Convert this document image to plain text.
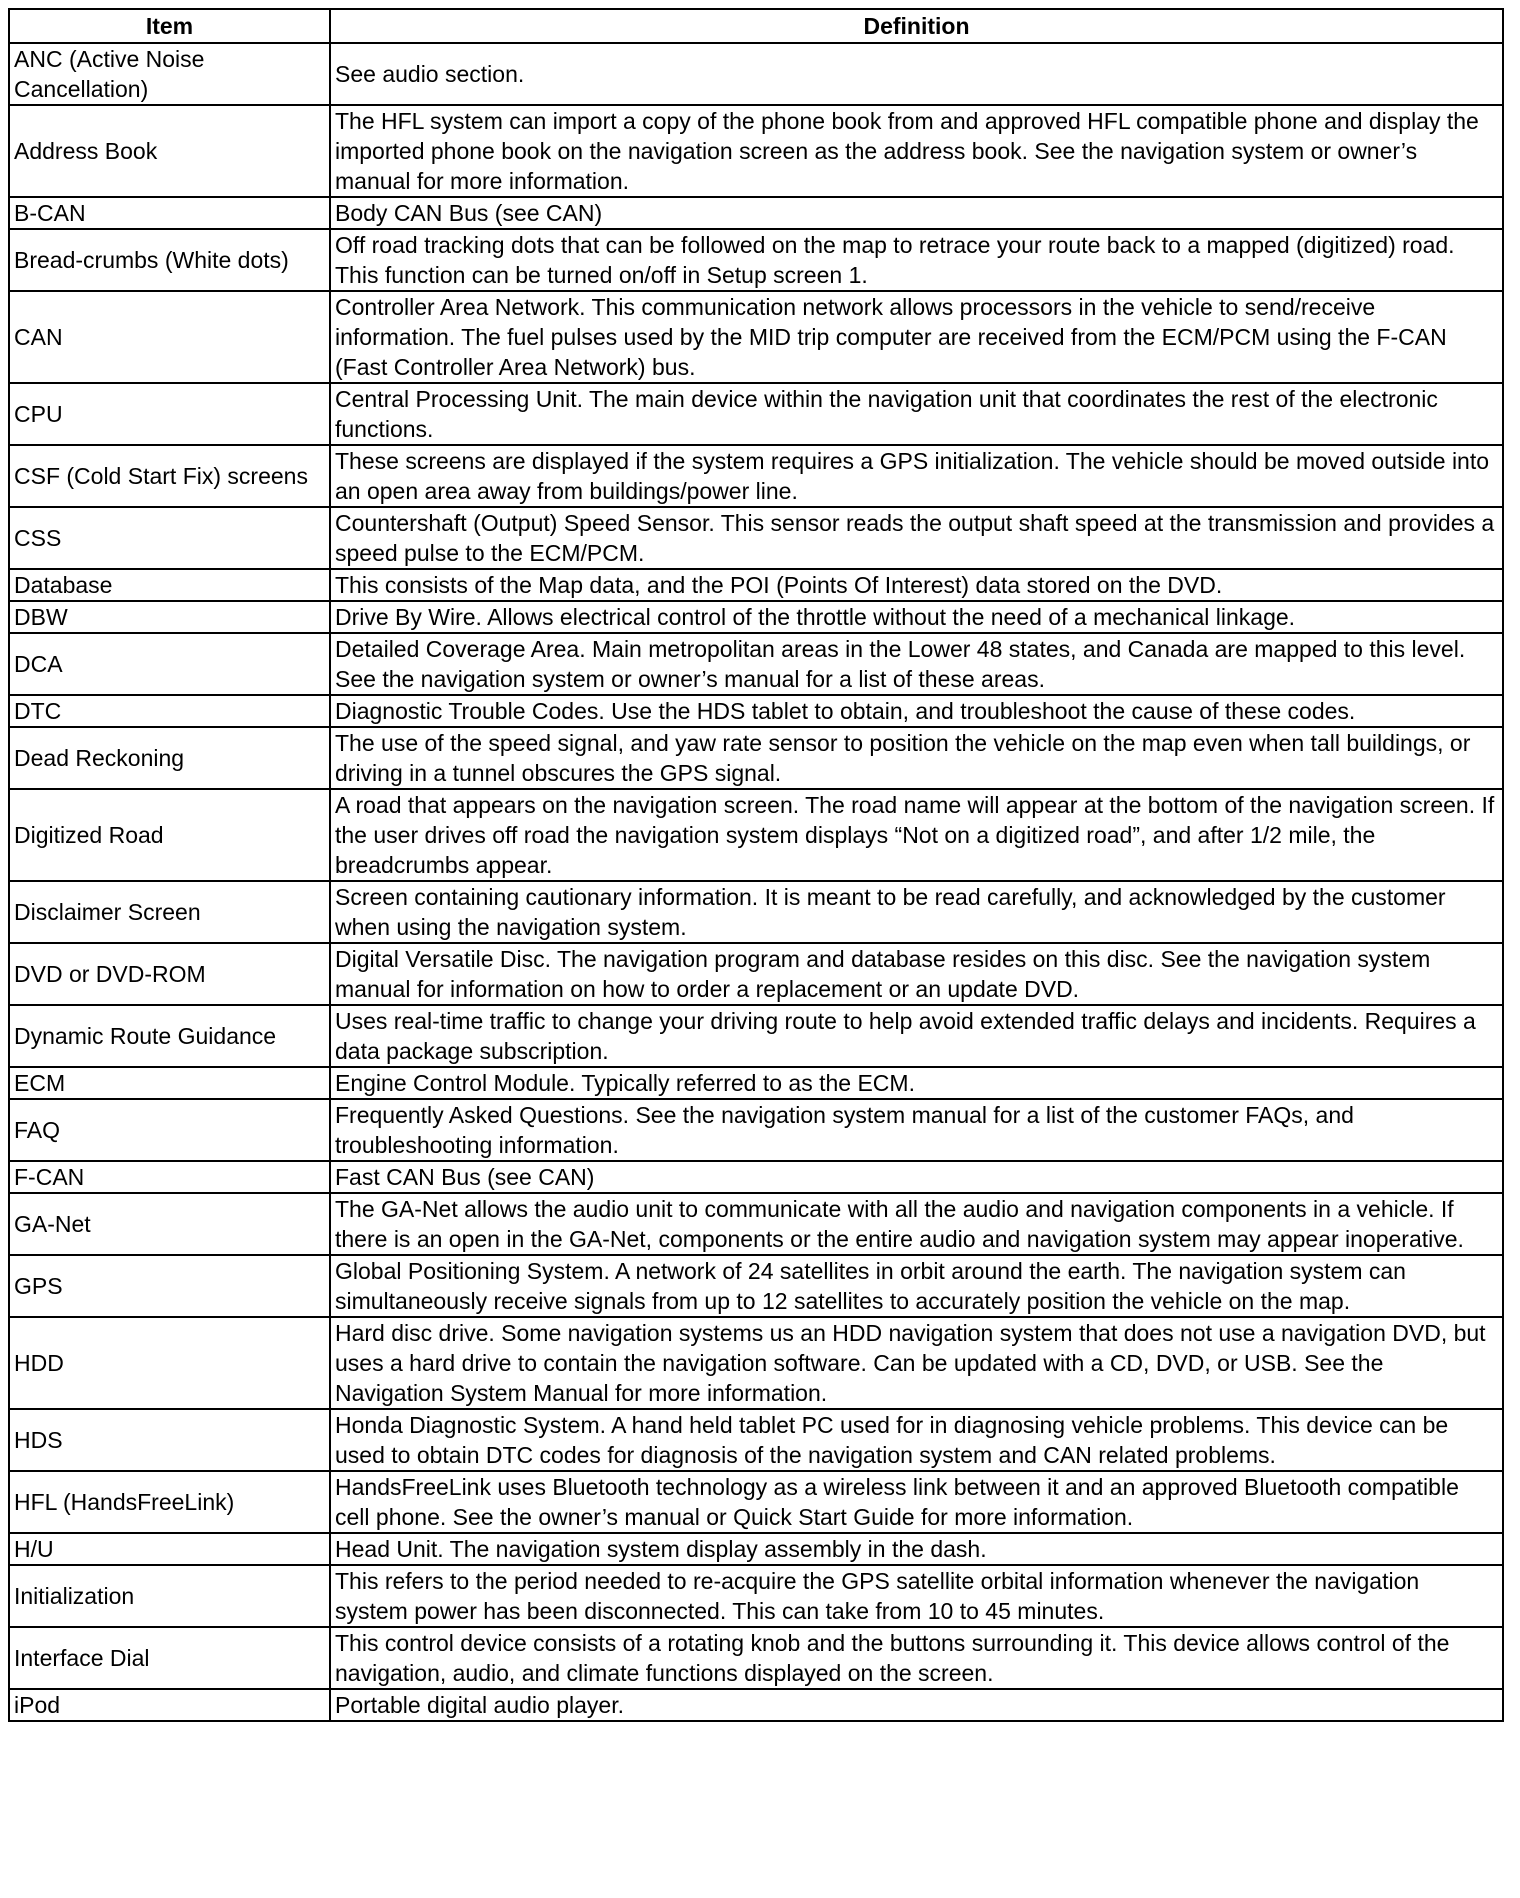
Item	Definition
ANC (Active Noise Cancellation)	See audio section.
Address Book	The HFL system can import a copy of the phone book from and approved HFL compatible phone and display the imported phone book on the navigation screen as the address book. See the navigation system or owner’s manual for more information.
B-CAN	Body CAN Bus (see CAN)
Bread-crumbs (White dots)	Off road tracking dots that can be followed on the map to retrace your route back to a mapped (digitized) road. This function can be turned on/off in Setup screen 1.
CAN	Controller Area Network. This communication network allows processors in the vehicle to send/receive information. The fuel pulses used by the MID trip computer are received from the ECM/PCM using the F-CAN (Fast Controller Area Network) bus.
CPU	Central Processing Unit. The main device within the navigation unit that coordinates the rest of the electronic functions.
CSF (Cold Start Fix) screens	These screens are displayed if the system requires a GPS initialization. The vehicle should be moved outside into an open area away from buildings/power line.
CSS	Countershaft (Output) Speed Sensor. This sensor reads the output shaft speed at the transmission and provides a speed pulse to the ECM/PCM.
Database	This consists of the Map data, and the POI (Points Of Interest) data stored on the DVD.
DBW	Drive By Wire. Allows electrical control of the throttle without the need of a mechanical linkage.
DCA	Detailed Coverage Area. Main metropolitan areas in the Lower 48 states, and Canada are mapped to this level. See the navigation system or owner’s manual for a list of these areas.
DTC	Diagnostic Trouble Codes. Use the HDS tablet to obtain, and troubleshoot the cause of these codes.
Dead Reckoning	The use of the speed signal, and yaw rate sensor to position the vehicle on the map even when tall buildings, or driving in a tunnel obscures the GPS signal.
Digitized Road	A road that appears on the navigation screen. The road name will appear at the bottom of the navigation screen. If the user drives off road the navigation system displays “Not on a digitized road”, and after 1/2 mile, the breadcrumbs appear.
Disclaimer Screen	Screen containing cautionary information. It is meant to be read carefully, and acknowledged by the customer when using the navigation system.
DVD or DVD-ROM	Digital Versatile Disc. The navigation program and database resides on this disc. See the navigation system manual for information on how to order a replacement or an update DVD.
Dynamic Route Guidance	Uses real-time traffic to change your driving route to help avoid extended traffic delays and incidents. Requires a data package subscription.
ECM	Engine Control Module. Typically referred to as the ECM.
FAQ	Frequently Asked Questions. See the navigation system manual for a list of the customer FAQs, and troubleshooting information.
F-CAN	Fast CAN Bus (see CAN)
GA-Net	The GA-Net allows the audio unit to communicate with all the audio and navigation components in a vehicle. If there is an open in the GA-Net, components or the entire audio and navigation system may appear inoperative.
GPS	Global Positioning System. A network of 24 satellites in orbit around the earth. The navigation system can simultaneously receive signals from up to 12 satellites to accurately position the vehicle on the map.
HDD	Hard disc drive. Some navigation systems us an HDD navigation system that does not use a navigation DVD, but uses a hard drive to contain the navigation software. Can be updated with a CD, DVD, or USB. See the Navigation System Manual for more information.
HDS	Honda Diagnostic System. A hand held tablet PC used for in diagnosing vehicle problems. This device can be used to obtain DTC codes for diagnosis of the navigation system and CAN related problems.
HFL (HandsFreeLink)	HandsFreeLink uses Bluetooth technology as a wireless link between it and an approved Bluetooth compatible cell phone. See the owner’s manual or Quick Start Guide for more information.
H/U	Head Unit. The navigation system display assembly in the dash.
Initialization	This refers to the period needed to re-acquire the GPS satellite orbital information whenever the navigation system power has been disconnected. This can take from 10 to 45 minutes.
Interface Dial	This control device consists of a rotating knob and the buttons surrounding it. This device allows control of the navigation, audio, and climate functions displayed on the screen.
iPod	Portable digital audio player.
